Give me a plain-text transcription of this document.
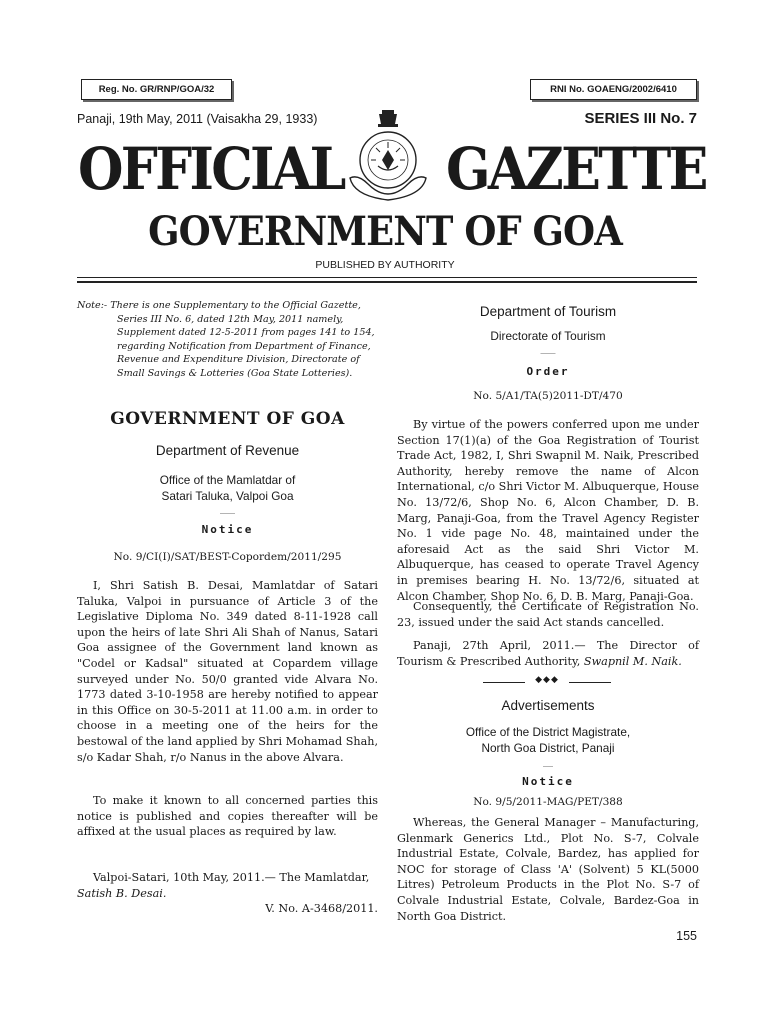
Reg. No. GR/RNP/GOA/32	RNI No. GOAENG/2002/6410
Panaji, 19th May, 2011 (Vaisakha 29, 1933)	SERIES III No. 7
OFFICIAL GAZETTE
GOVERNMENT OF GOA
PUBLISHED BY AUTHORITY
Note:- There is one Supplementary to the Official Gazette, Series III No. 6, dated 12th May, 2011 namely, Supplement dated 12-5-2011 from pages 141 to 154, regarding Notification from Department of Finance, Revenue and Expenditure Division, Directorate of Small Savings & Lotteries (Goa State Lotteries).
GOVERNMENT OF GOA
Department of Revenue
Office of the Mamlatdar of
Satari Taluka, Valpoi Goa
___
Notice
No. 9/CI(I)/SAT/BEST-Copordem/2011/295

I, Shri Satish B. Desai, Mamlatdar of Satari Taluka, Valpoi in pursuance of Article 3 of the Legislative Diploma No. 349 dated 8-11-1928 call upon the heirs of late Shri Ali Shah of Nanus, Satari Goa assignee of the Government land known as "Codel or Kadsal" situated at Copardem village surveyed under No. 50/0 granted vide Alvara No. 1773 dated 3-10-1958 are hereby notified to appear in this Office on 30-5-2011 at 11.00 a.m. in order to choose in a meeting one of the heirs for the bestowal of the land applied by Shri Mohamad Shah, s/o Kadar Shah, r/o Nanus in the above Alvara.

To make it known to all concerned parties this notice is published and copies thereafter will be affixed at the usual places as required by law.

Valpoi-Satari, 10th May, 2011.— The Mamlatdar,

Satish B. Desai.
V. No. A-3468/2011.
Department of Tourism
Directorate of Tourism
___
Order
No. 5/A1/TA(5)2011-DT/470

By virtue of the powers conferred upon me under Section 17(1)(a) of the Goa Registration of Tourist Trade Act, 1982, I, Shri Swapnil M. Naik, Prescribed Authority, hereby remove the name of Alcon International, c/o Shri Victor M. Albuquerque, House No. 13/72/6, Shop No. 6, Alcon Chamber, D. B. Marg, Panaji-Goa, from the Travel Agency Register No. 1 vide page No. 48, maintained under the aforesaid Act as the said Shri Victor M. Albuquerque, has ceased to operate Travel Agency in premises bearing H. No. 13/72/6, situated at Alcon Chamber, Shop No. 6, D. B. Marg, Panaji-Goa.

Consequently, the Certificate of Registration No. 23, issued under the said Act stands cancelled.

Panaji, 27th April, 2011.— The Director of Tourism & Prescribed Authority, Swapnil M. Naik.

◆◆◆
Advertisements
Office of the District Magistrate,
North Goa District, Panaji
__
Notice
No. 9/5/2011-MAG/PET/388

Whereas, the General Manager – Manufacturing, Glenmark Generics Ltd., Plot No. S-7, Colvale Industrial Estate, Colvale, Bardez, has applied for NOC for storage of Class 'A' (Solvent) 5 KL(5000 Litres) Petroleum Products in the Plot No. S-7 of Colvale Industrial Estate, Colvale, Bardez-Goa in North Goa District.

155
